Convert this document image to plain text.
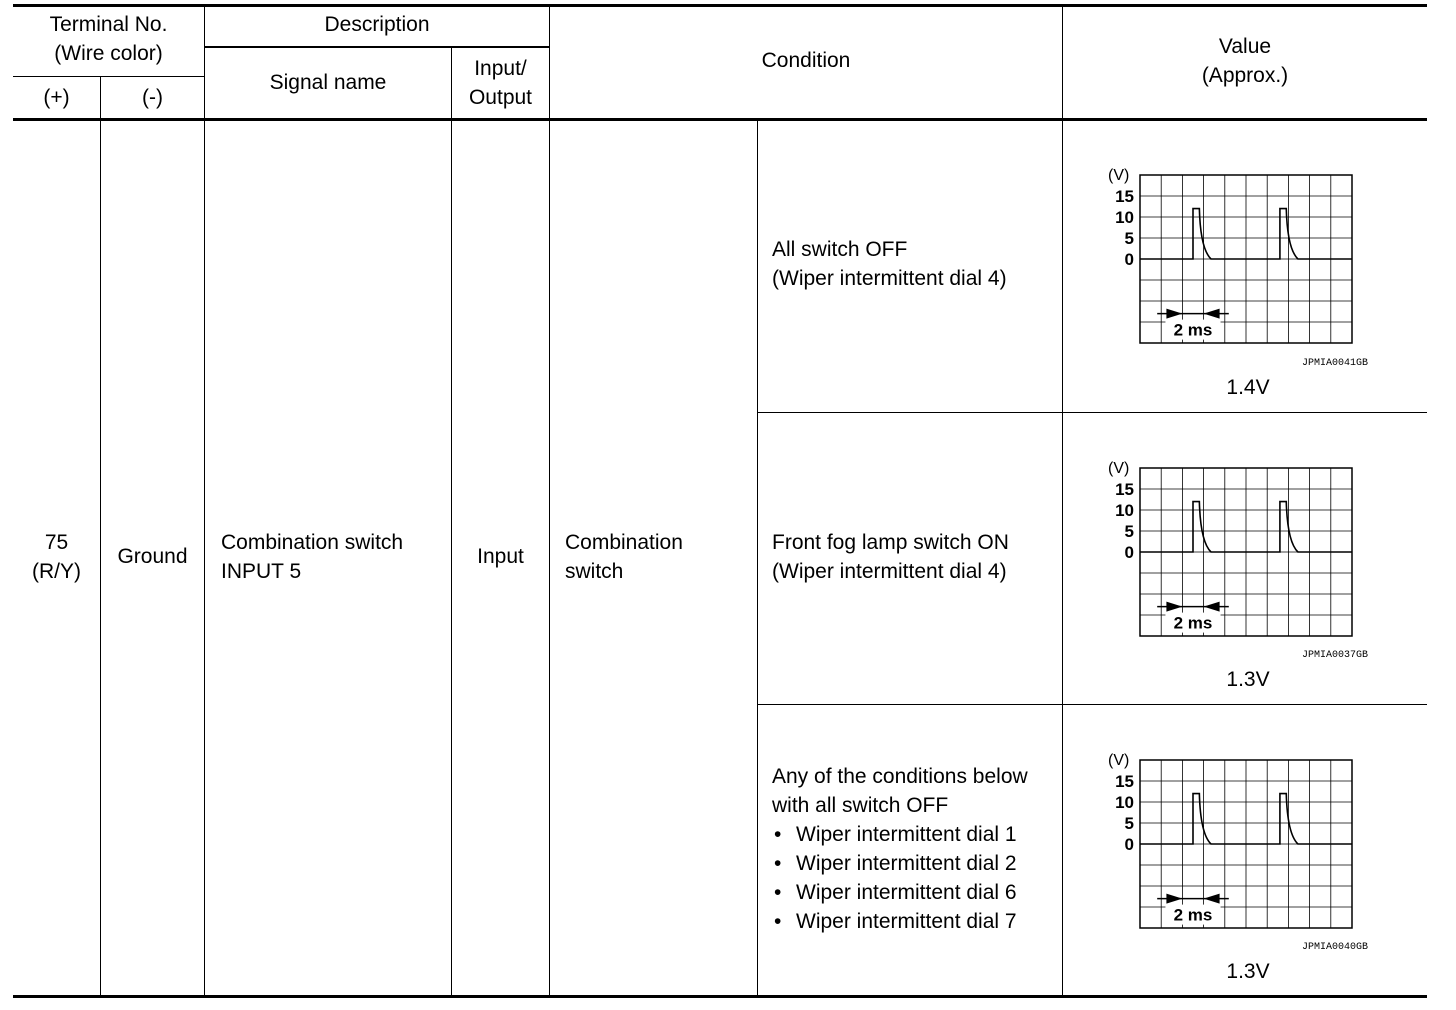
Terminal No.
(Wire color)
(+)	(-)
Description
Signal name
Input/
Output
Condition
Value
(Approx.)
75
(R/Y)
Ground
Combination switch
INPUT 5
Input
Combination
switch
All switch OFF
(Wiper intermittent dial 4)
(V)
15
10
5
0
2 ms
JPMIA0041GB
1.4V
Front fog lamp switch ON
(Wiper intermittent dial 4)
(V)
15
10
5
0
2 ms
JPMIA0037GB
1.3V
Any of the conditions below
with all switch OFF
• Wiper intermittent dial 1
• Wiper intermittent dial 2
• Wiper intermittent dial 6
• Wiper intermittent dial 7
(V)
15
10
5
0
2 ms
JPMIA0040GB
1.3V
